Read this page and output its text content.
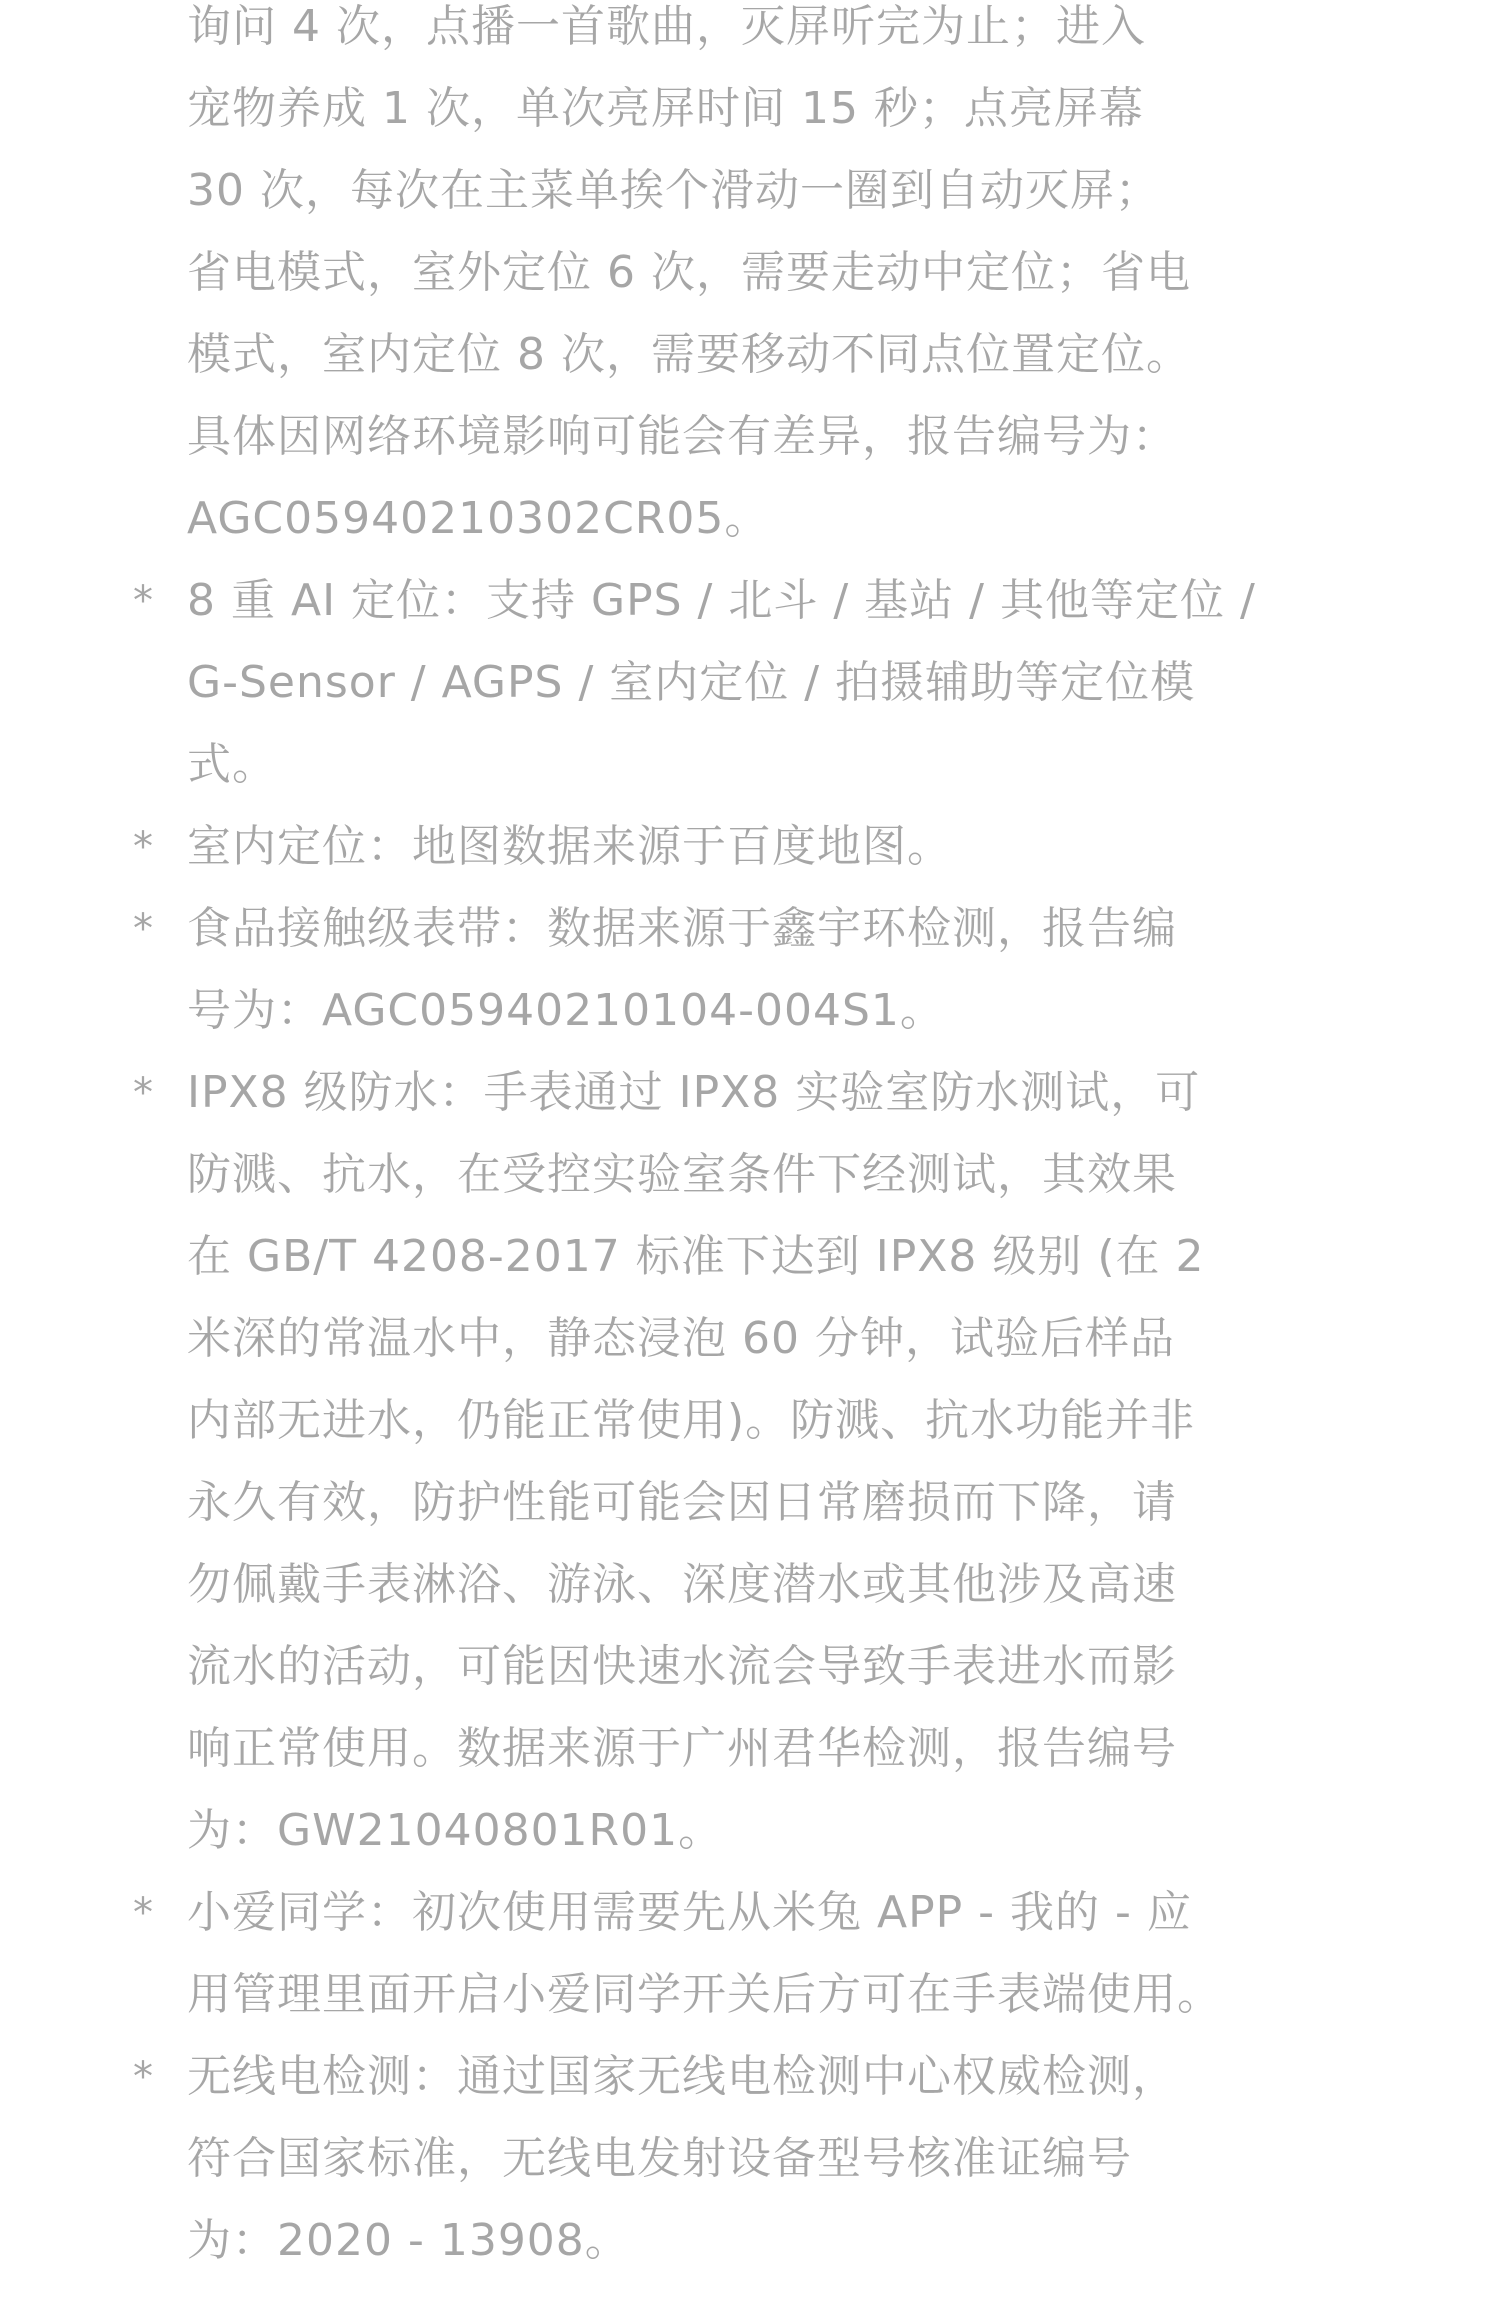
询问 4 次，点播一首歌曲，灭屏听完为止；进入
宠物养成 1 次，单次亮屏时间 15 秒；点亮屏幕
30 次，每次在主菜单挨个滑动一圈到自动灭屏；
省电模式，室外定位 6 次，需要走动中定位；省电
模式，室内定位 8 次，需要移动不同点位置定位。
具体因网络环境影响可能会有差异，报告编号为：
AGC05940210302CR05。
* 8 重 AI 定位：支持 GPS / 北斗 / 基站 / 其他等定位 /
G-Sensor / AGPS / 室内定位 / 拍摄辅助等定位模
式。
* 室内定位：地图数据来源于百度地图。
* 食品接触级表带：数据来源于鑫宇环检测，报告编
号为：AGC05940210104-004S1。
* IPX8 级防水：手表通过 IPX8 实验室防水测试，可
防溅、抗水，在受控实验室条件下经测试，其效果
在 GB/T 4208-2017 标准下达到 IPX8 级别 (在 2
米深的常温水中，静态浸泡 60 分钟，试验后样品
内部无进水，仍能正常使用)。防溅、抗水功能并非
永久有效，防护性能可能会因日常磨损而下降，请
勿佩戴手表淋浴、游泳、深度潜水或其他涉及高速
流水的活动，可能因快速水流会导致手表进水而影
响正常使用。数据来源于广州君华检测，报告编号
为：GW21040801R01。
* 小爱同学：初次使用需要先从米兔 APP - 我的 - 应
用管理里面开启小爱同学开关后方可在手表端使用。
* 无线电检测：通过国家无线电检测中心权威检测，
符合国家标准，无线电发射设备型号核准证编号
为：2020 - 13908。
